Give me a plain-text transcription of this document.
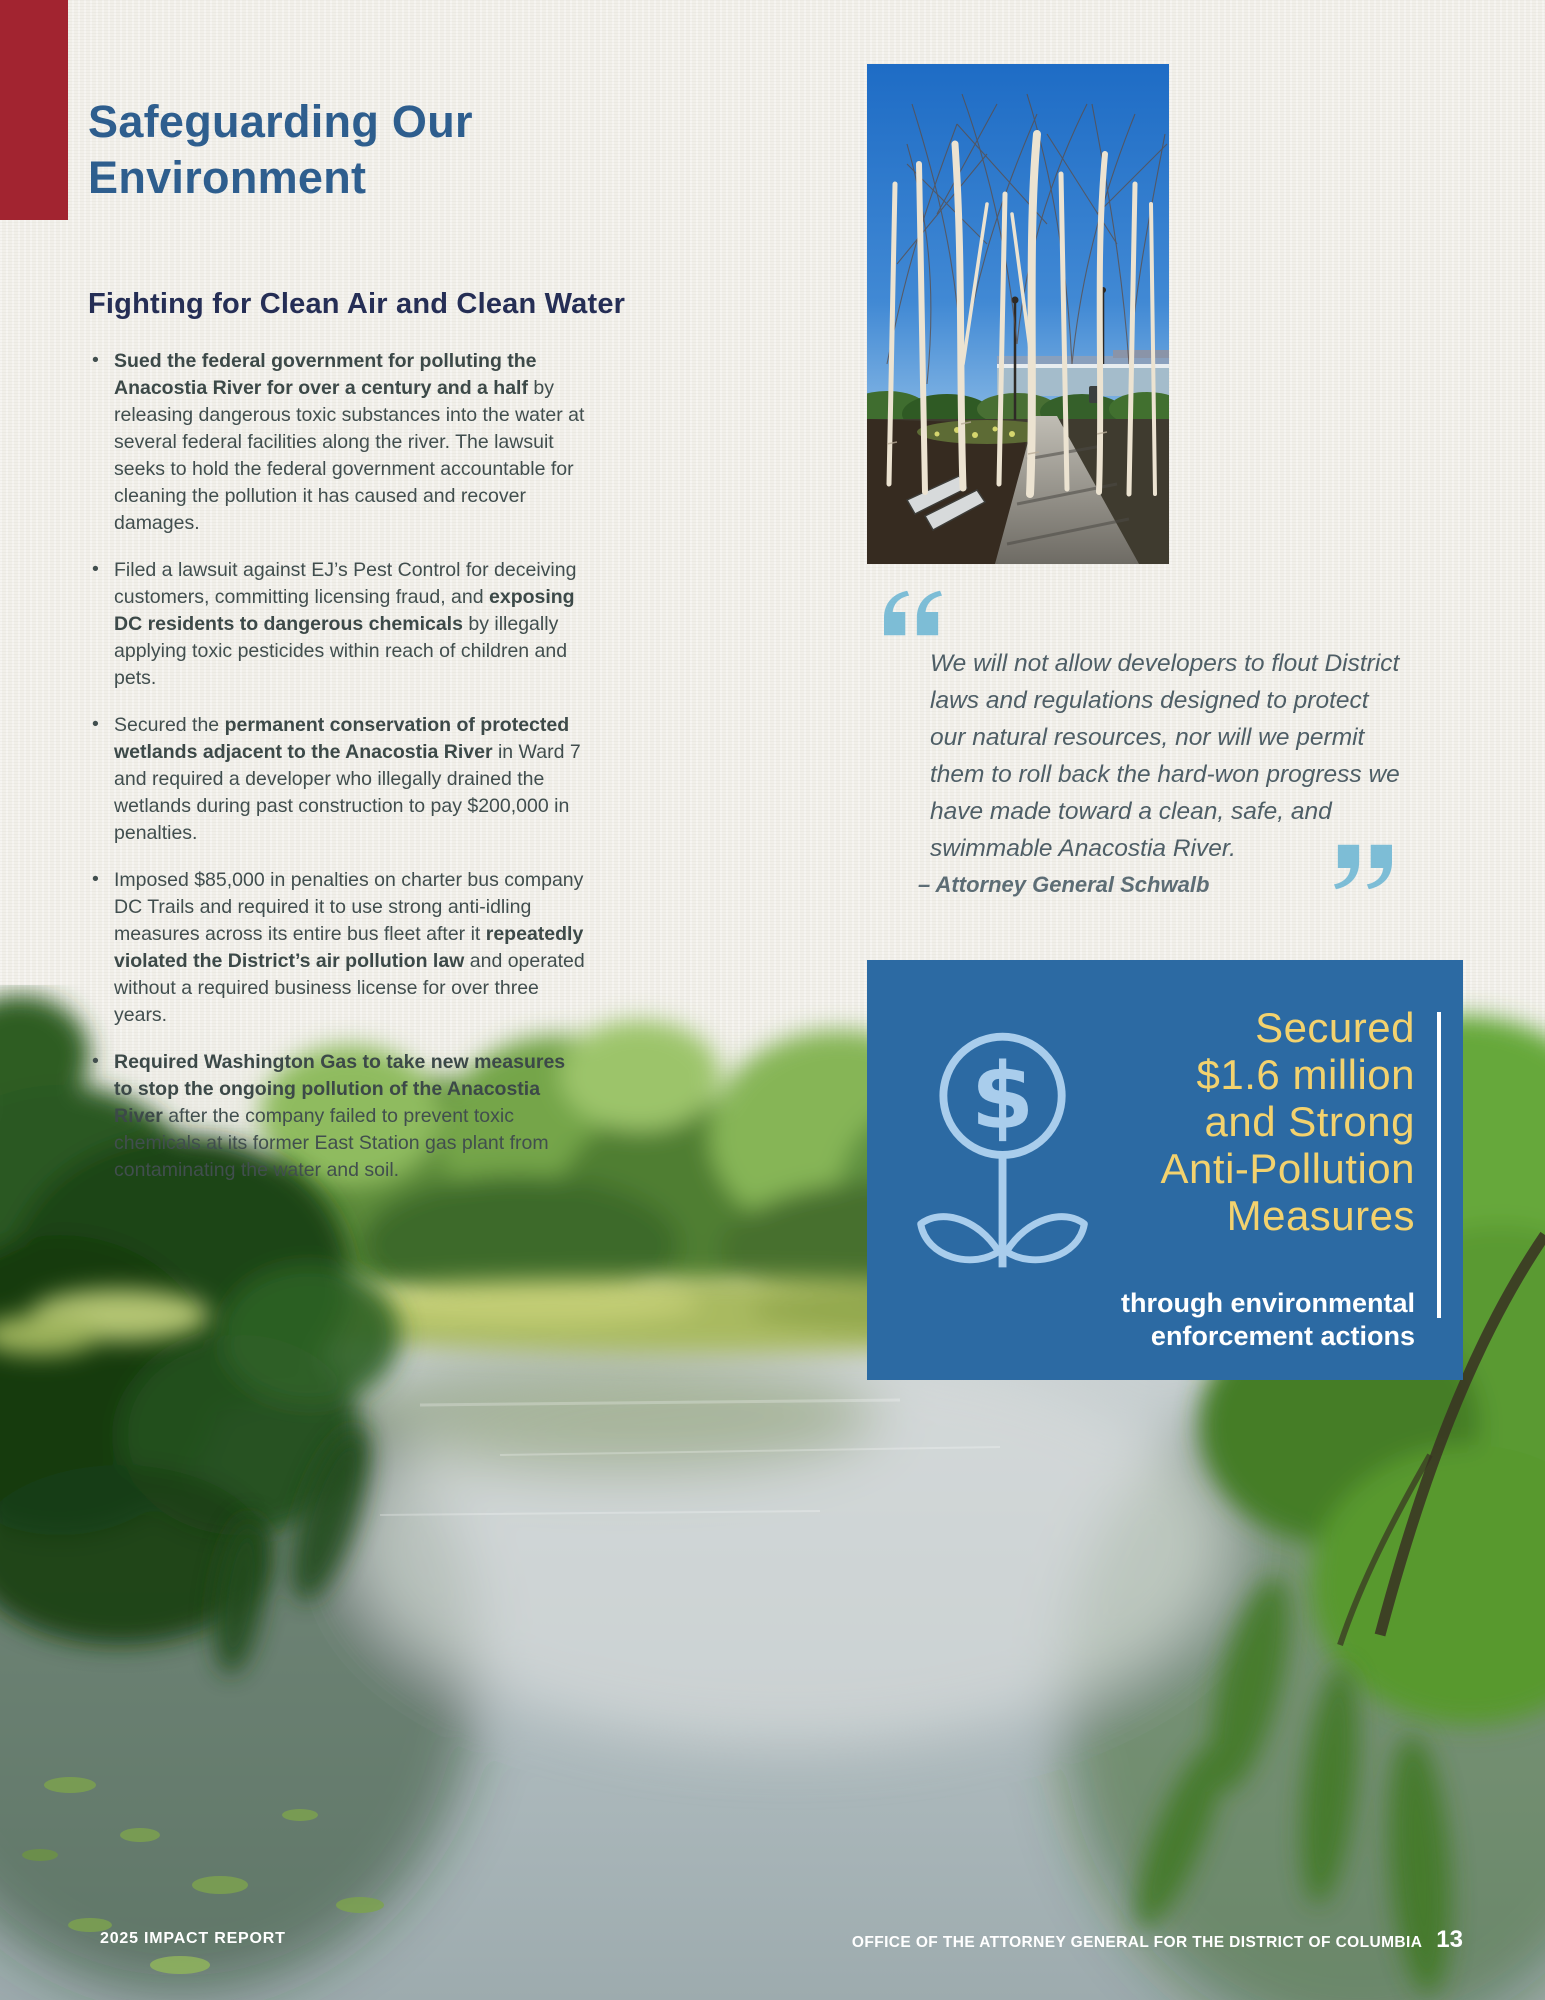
Safeguarding Our
Environment
Fighting for Clean Air and Clean Water
• Sued the federal government for polluting the Anacostia River for over a century and a half by releasing dangerous toxic substances into the water at several federal facilities along the river. The lawsuit seeks to hold the federal government accountable for cleaning the pollution it has caused and recover damages.
• Filed a lawsuit against EJ’s Pest Control for deceiving customers, committing licensing fraud, and exposing DC residents to dangerous chemicals by illegally applying toxic pesticides within reach of children and pets.
• Secured the permanent conservation of protected wetlands adjacent to the Anacostia River in Ward 7 and required a developer who illegally drained the wetlands during past construction to pay $200,000 in penalties.
• Imposed $85,000 in penalties on charter bus company DC Trails and required it to use strong anti-idling measures across its entire bus fleet after it repeatedly violated the District’s air pollution law and operated without a required business license for over three years.
• Required Washington Gas to take new measures to stop the ongoing pollution of the Anacostia River after the company failed to prevent toxic chemicals at its former East Station gas plant from contaminating the water and soil.
We will not allow developers to flout District laws and regulations designed to protect our natural resources, nor will we permit them to roll back the hard-won progress we have made toward a clean, safe, and swimmable Anacostia River.
– Attorney General Schwalb
$
Secured
$1.6 million
and Strong
Anti-Pollution
Measures
through environmental enforcement actions
2025 IMPACT REPORT	OFFICE OF THE ATTORNEY GENERAL FOR THE DISTRICT OF COLUMBIA 13
